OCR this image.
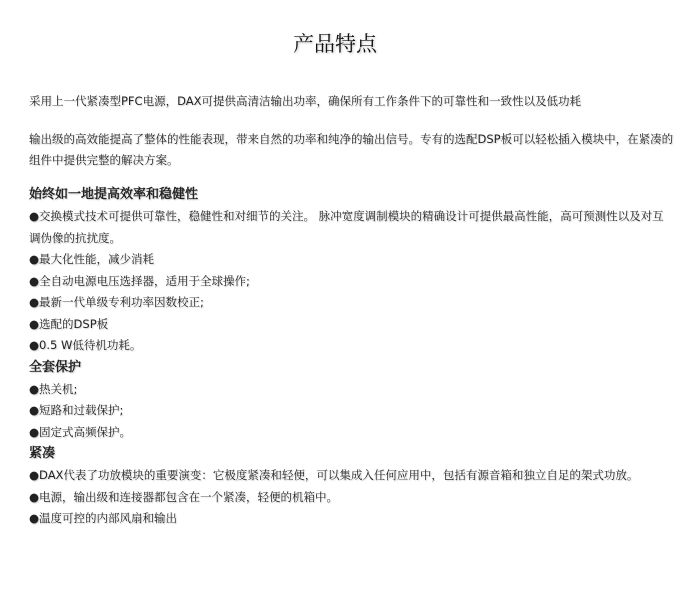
产品特点

采用上一代紧凑型PFC电源，DAX可提供高清洁输出功率，确保所有工作条件下的可靠性和一致性以及低功耗

输出级的高效能提高了整体的性能表现，带来自然的功率和纯净的输出信号。专有的选配DSP板可以轻松插入模块中，在紧凑的组件中提供完整的解决方案。

始终如一地提高效率和稳健性
●交换模式技术可提供可靠性，稳健性和对细节的关注。 脉冲宽度调制模块的精确设计可提供最高性能，高可预测性以及对互调伪像的抗扰度。
●最大化性能，减少消耗
●全自动电源电压选择器，适用于全球操作;
●最新一代单级专利功率因数校正;
●选配的DSP板
●0.5 W低待机功耗。
全套保护
●热关机;
●短路和过载保护;
●固定式高频保护。
紧凑
●DAX代表了功放模块的重要演变：它极度紧凑和轻便，可以集成入任何应用中，包括有源音箱和独立自足的架式功放。
●电源，输出级和连接器都包含在一个紧凑，轻便的机箱中。
●温度可控的内部风扇和输出
